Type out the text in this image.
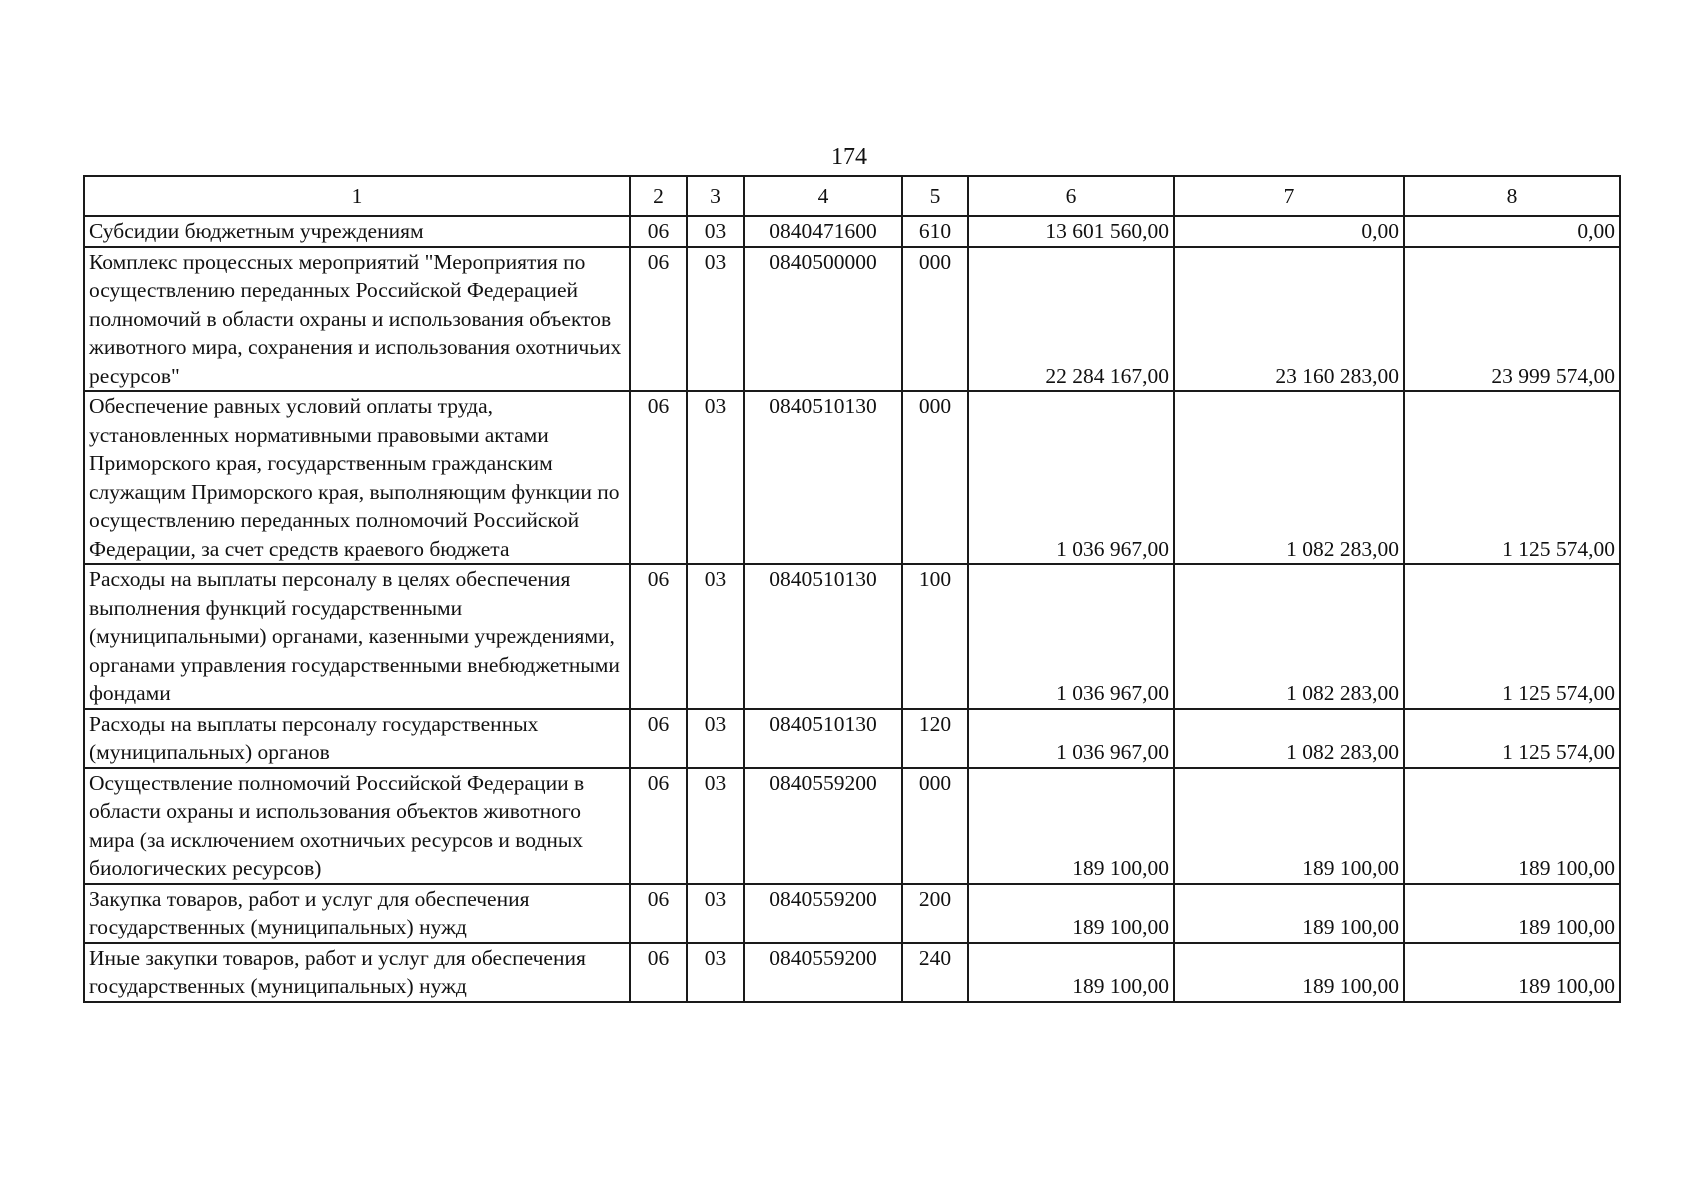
174
1	2	3	4	5	6	7	8
Субсидии бюджетным учреждениям	06	03	0840471600	610	13 601 560,00	0,00	0,00
Комплекс процессных мероприятий "Мероприятия по осуществлению переданных Российской Федерацией полномочий в области охраны и использования объектов животного мира, сохранения и использования охотничьих ресурсов"	06	03	0840500000	000	22 284 167,00	23 160 283,00	23 999 574,00
Обеспечение равных условий оплаты труда, установленных нормативными правовыми актами Приморского края, государственным гражданским служащим Приморского края, выполняющим функции по осуществлению переданных полномочий Российской Федерации, за счет средств краевого бюджета	06	03	0840510130	000	1 036 967,00	1 082 283,00	1 125 574,00
Расходы на выплаты персоналу в целях обеспечения выполнения функций государственными (муниципальными) органами, казенными учреждениями, органами управления государственными внебюджетными фондами	06	03	0840510130	100	1 036 967,00	1 082 283,00	1 125 574,00
Расходы на выплаты персоналу государственных (муниципальных) органов	06	03	0840510130	120	1 036 967,00	1 082 283,00	1 125 574,00
Осуществление полномочий Российской Федерации в области охраны и использования объектов животного мира (за исключением охотничьих ресурсов и водных биологических ресурсов)	06	03	0840559200	000	189 100,00	189 100,00	189 100,00
Закупка товаров, работ и услуг для обеспечения государственных (муниципальных) нужд	06	03	0840559200	200	189 100,00	189 100,00	189 100,00
Иные закупки товаров, работ и услуг для обеспечения государственных (муниципальных) нужд	06	03	0840559200	240	189 100,00	189 100,00	189 100,00
